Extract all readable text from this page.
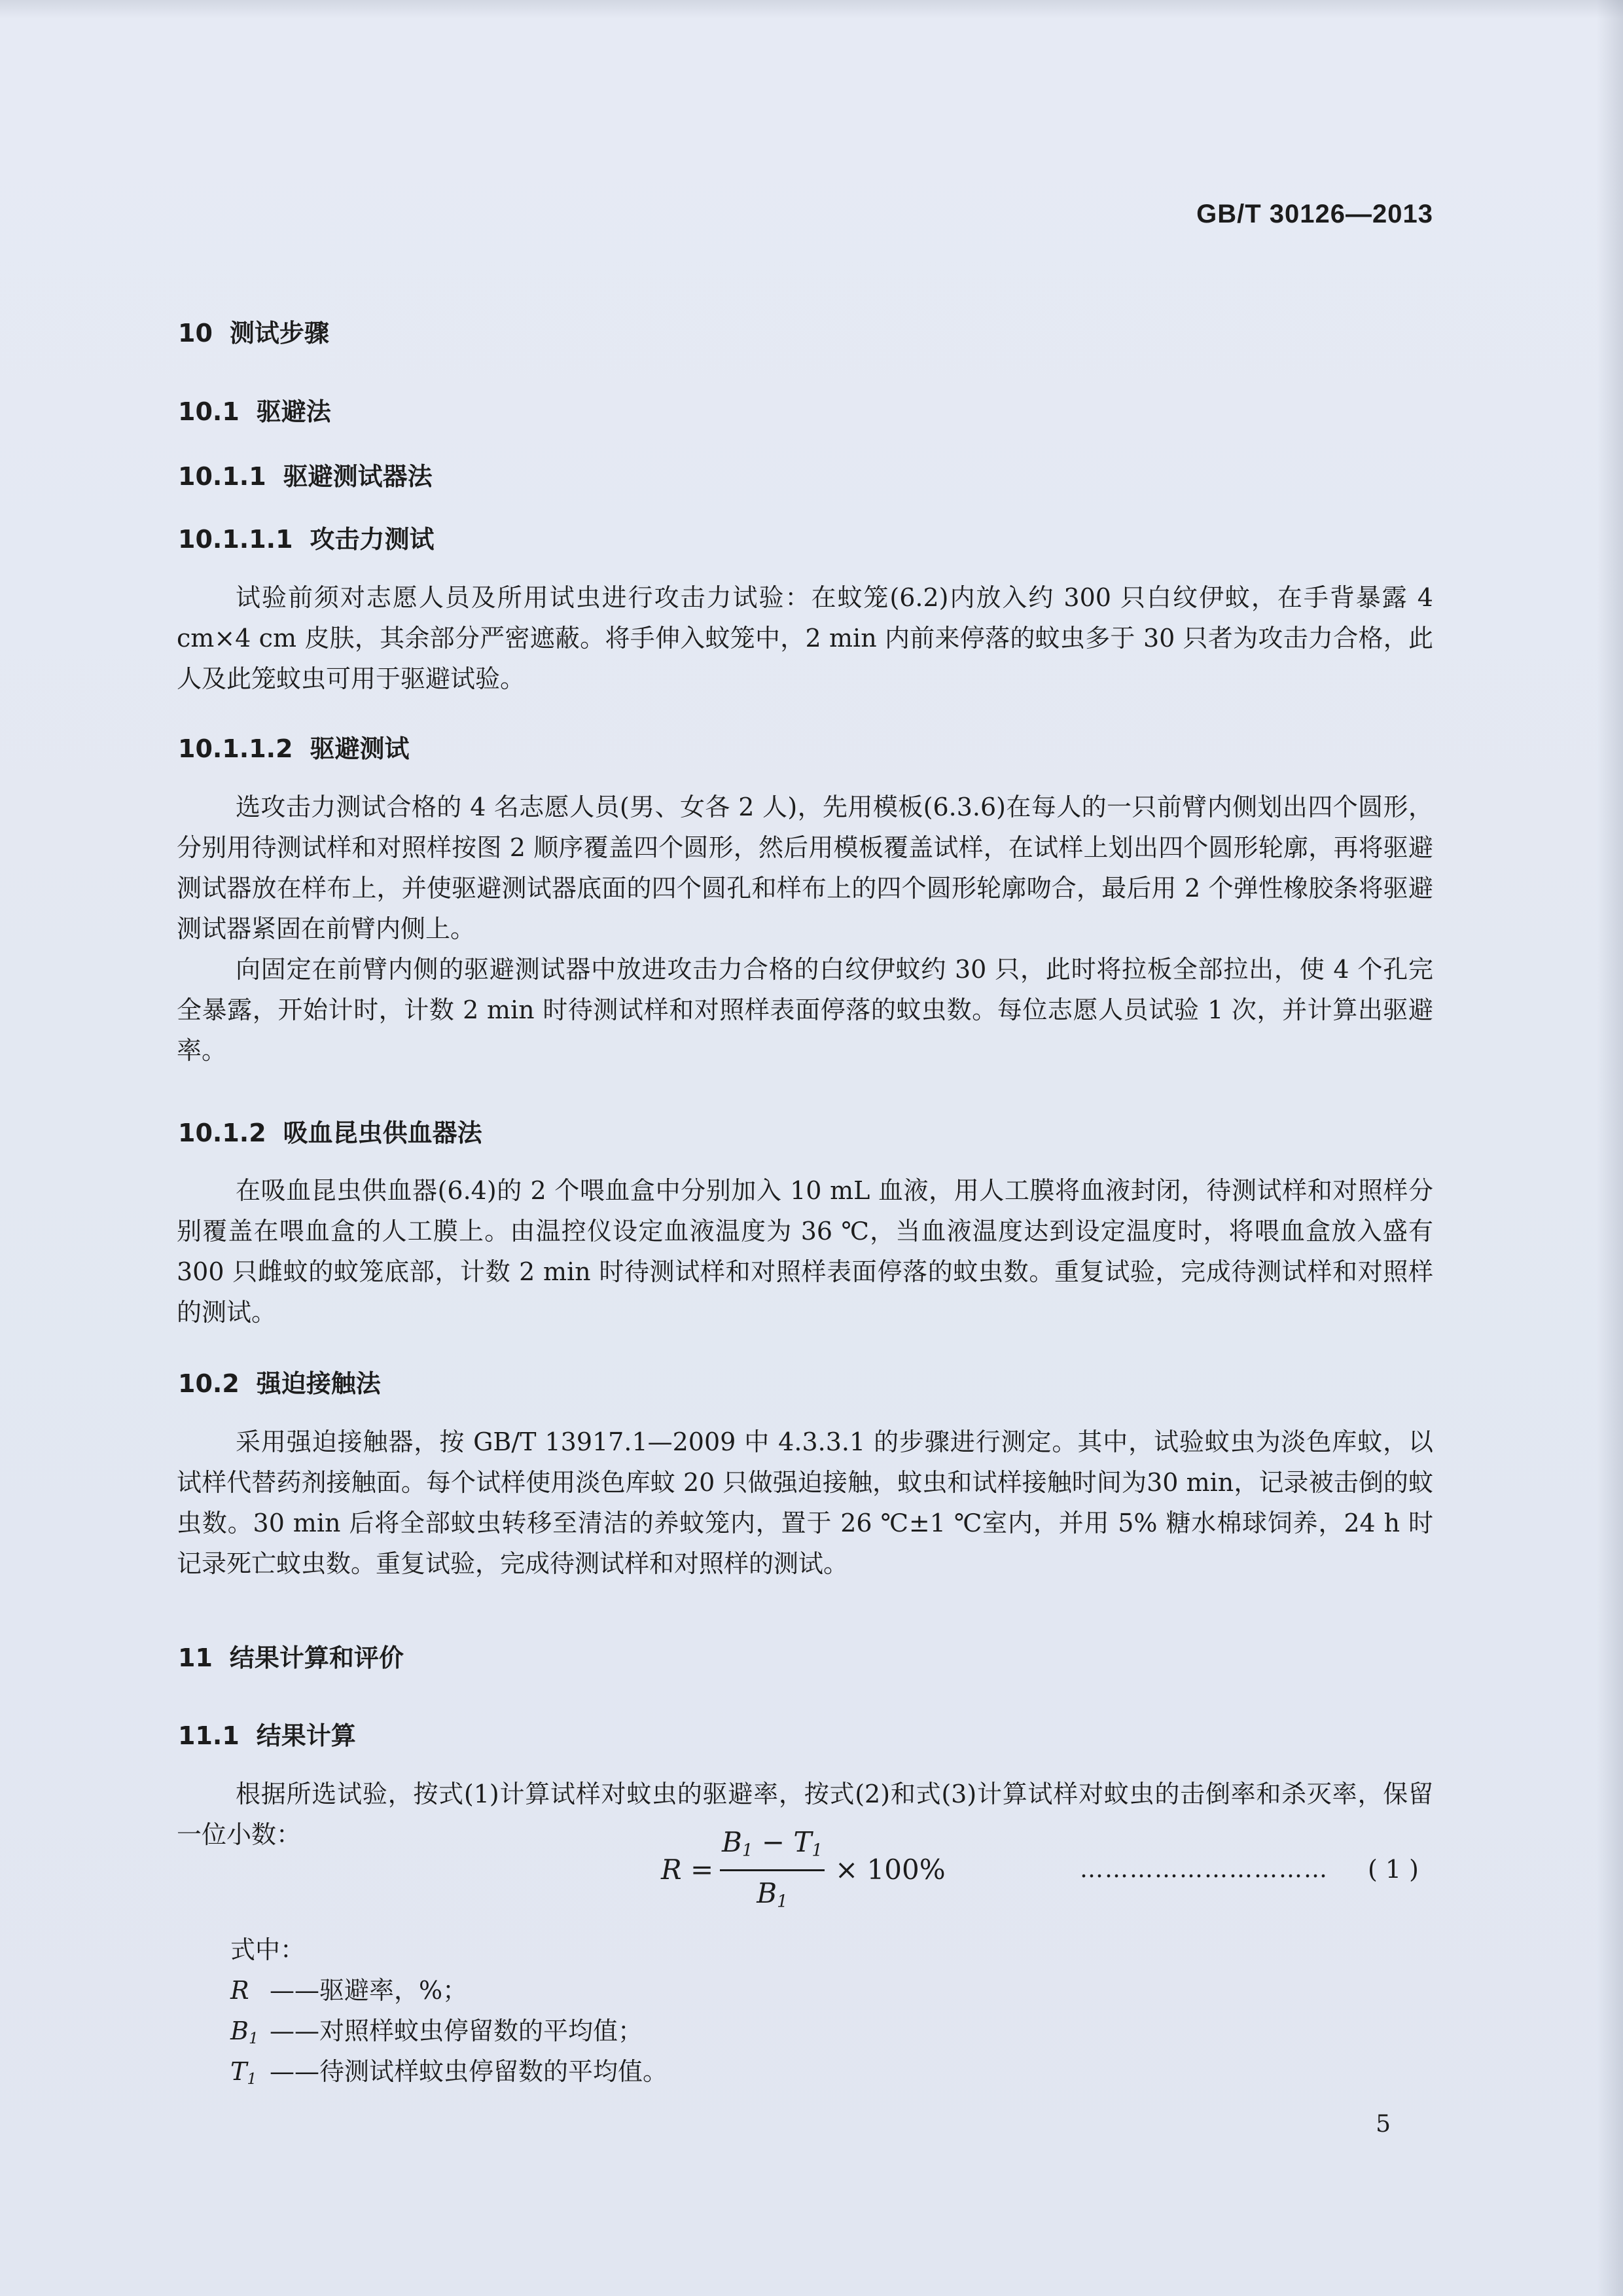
GB/T 30126—2013
10 测试步骤
10.1 驱避法
10.1.1 驱避测试器法
10.1.1.1 攻击力测试
试验前须对志愿人员及所用试虫进行攻击力试验：在蚊笼(6.2)内放入约 300 只白纹伊蚊，在手背暴露 4 cm×4 cm 皮肤，其余部分严密遮蔽。将手伸入蚊笼中，2 min 内前来停落的蚊虫多于 30 只者为攻击力合格，此人及此笼蚊虫可用于驱避试验。
10.1.1.2 驱避测试
选攻击力测试合格的 4 名志愿人员(男、女各 2 人)，先用模板(6.3.6)在每人的一只前臂内侧划出四个圆形，分别用待测试样和对照样按图 2 顺序覆盖四个圆形，然后用模板覆盖试样，在试样上划出四个圆形轮廓，再将驱避测试器放在样布上，并使驱避测试器底面的四个圆孔和样布上的四个圆形轮廓吻合，最后用 2 个弹性橡胶条将驱避测试器紧固在前臂内侧上。
向固定在前臂内侧的驱避测试器中放进攻击力合格的白纹伊蚊约 30 只，此时将拉板全部拉出，使 4 个孔完全暴露，开始计时，计数 2 min 时待测试样和对照样表面停落的蚊虫数。每位志愿人员试验 1 次，并计算出驱避率。
10.1.2 吸血昆虫供血器法
在吸血昆虫供血器(6.4)的 2 个喂血盒中分别加入 10 mL 血液，用人工膜将血液封闭，待测试样和对照样分别覆盖在喂血盒的人工膜上。由温控仪设定血液温度为 36 ℃，当血液温度达到设定温度时，将喂血盒放入盛有 300 只雌蚊的蚊笼底部，计数 2 min 时待测试样和对照样表面停落的蚊虫数。重复试验，完成待测试样和对照样的测试。
10.2 强迫接触法
采用强迫接触器，按 GB/T 13917.1—2009 中 4.3.3.1 的步骤进行测定。其中，试验蚊虫为淡色库蚊，以试样代替药剂接触面。每个试样使用淡色库蚊 20 只做强迫接触，蚊虫和试样接触时间为30 min，记录被击倒的蚊虫数。30 min 后将全部蚊虫转移至清洁的养蚊笼内，置于 26 ℃±1 ℃室内，并用 5% 糖水棉球饲养，24 h 时记录死亡蚊虫数。重复试验，完成待测试样和对照样的测试。
11 结果计算和评价
11.1 结果计算
根据所选试验，按式(1)计算试样对蚊虫的驱避率，按式(2)和式(3)计算试样对蚊虫的击倒率和杀灭率，保留一位小数：
R =
$B_1 - T_1$
$B_1$
× 100%	………………………… ( 1 )
式中：
R ——驱避率，%；
$B_1$ ——对照样蚊虫停留数的平均值；
$T_1$ ——待测试样蚊虫停留数的平均值。
5
